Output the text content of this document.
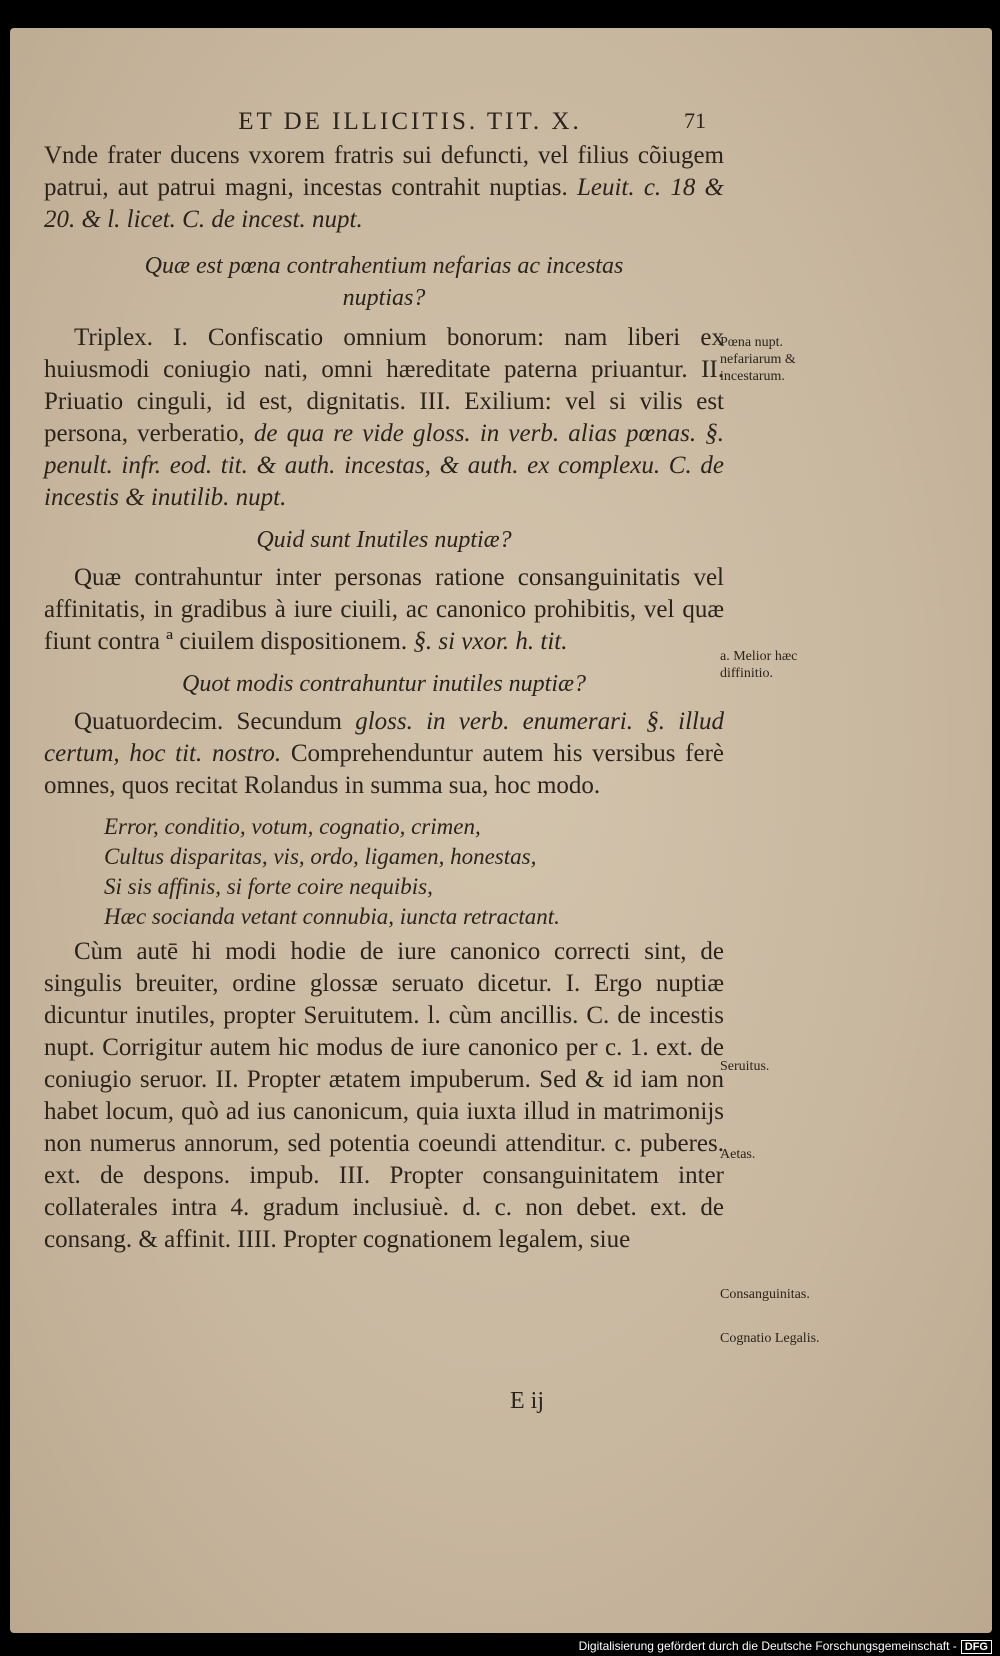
ET DE ILLICITIS. TIT. X.	71
Vnde frater ducens vxorem fratris sui defuncti, vel filius cõiugem patrui, aut patrui magni, incestas contrahit nuptias. Leuit. c. 18 & 20. & l. licet. C. de incest. nupt.
Quæ est pœna contrahentium nefarias ac incestas nuptias?
Triplex. I. Confiscatio omnium bonorum: nam liberi ex huiusmodi coniugio nati, omni hæreditate paterna priuantur. II. Priuatio cinguli, id est, dignitatis. III. Exilium: vel si vilis est persona, verberatio, de qua re vide gloss. in verb. alias pœnas. §. penult. infr. eod. tit. & auth. incestas, & auth. ex complexu. C. de incestis & inutilib. nupt.
Quid sunt Inutiles nuptiæ?
Quæ contrahuntur inter personas ratione consanguinitatis vel affinitatis, in gradibus à iure ciuili, ac canonico prohibitis, vel quæ fiunt contra ª ciuilem dispositionem. §. si vxor. h. tit.
Quot modis contrahuntur inutiles nuptiæ?
Quatuordecim. Secundum gloss. in verb. enumerari. §. illud certum, hoc tit. nostro. Comprehenduntur autem his versibus ferè omnes, quos recitat Rolandus in summa sua, hoc modo.
Error, conditio, votum, cognatio, crimen,
Cultus disparitas, vis, ordo, ligamen, honestas,
Si sis affinis, si forte coire nequibis,
Hæc socianda vetant connubia, iuncta retractant.
Cùm autē hi modi hodie de iure canonico correcti sint, de singulis breuiter, ordine glossæ seruato dicetur. I. Ergo nuptiæ dicuntur inutiles, propter Seruitutem. l. cùm ancillis. C. de incestis nupt. Corrigitur autem hic modus de iure canonico per c. 1. ext. de coniugio seruor. II. Propter ætatem impuberum. Sed & id iam non habet locum, quò ad ius canonicum, quia iuxta illud in matrimonijs non numerus annorum, sed potentia coeundi attenditur. c. puberes. ext. de despons. impub. III. Propter consanguinitatem inter collaterales intra 4. gradum inclusiuè. d. c. non debet. ext. de consang. & affinit. IIII. Propter cognationem legalem, siue
Pœna nupt. nefariarum & incestarum.
a. Melior hæc diffinitio.
Seruitus.
Aetas.
Consanguinitas.
Cognatio Legalis.
E ij
Digitalisierung gefördert durch die Deutsche Forschungsgemeinschaft - DFG
